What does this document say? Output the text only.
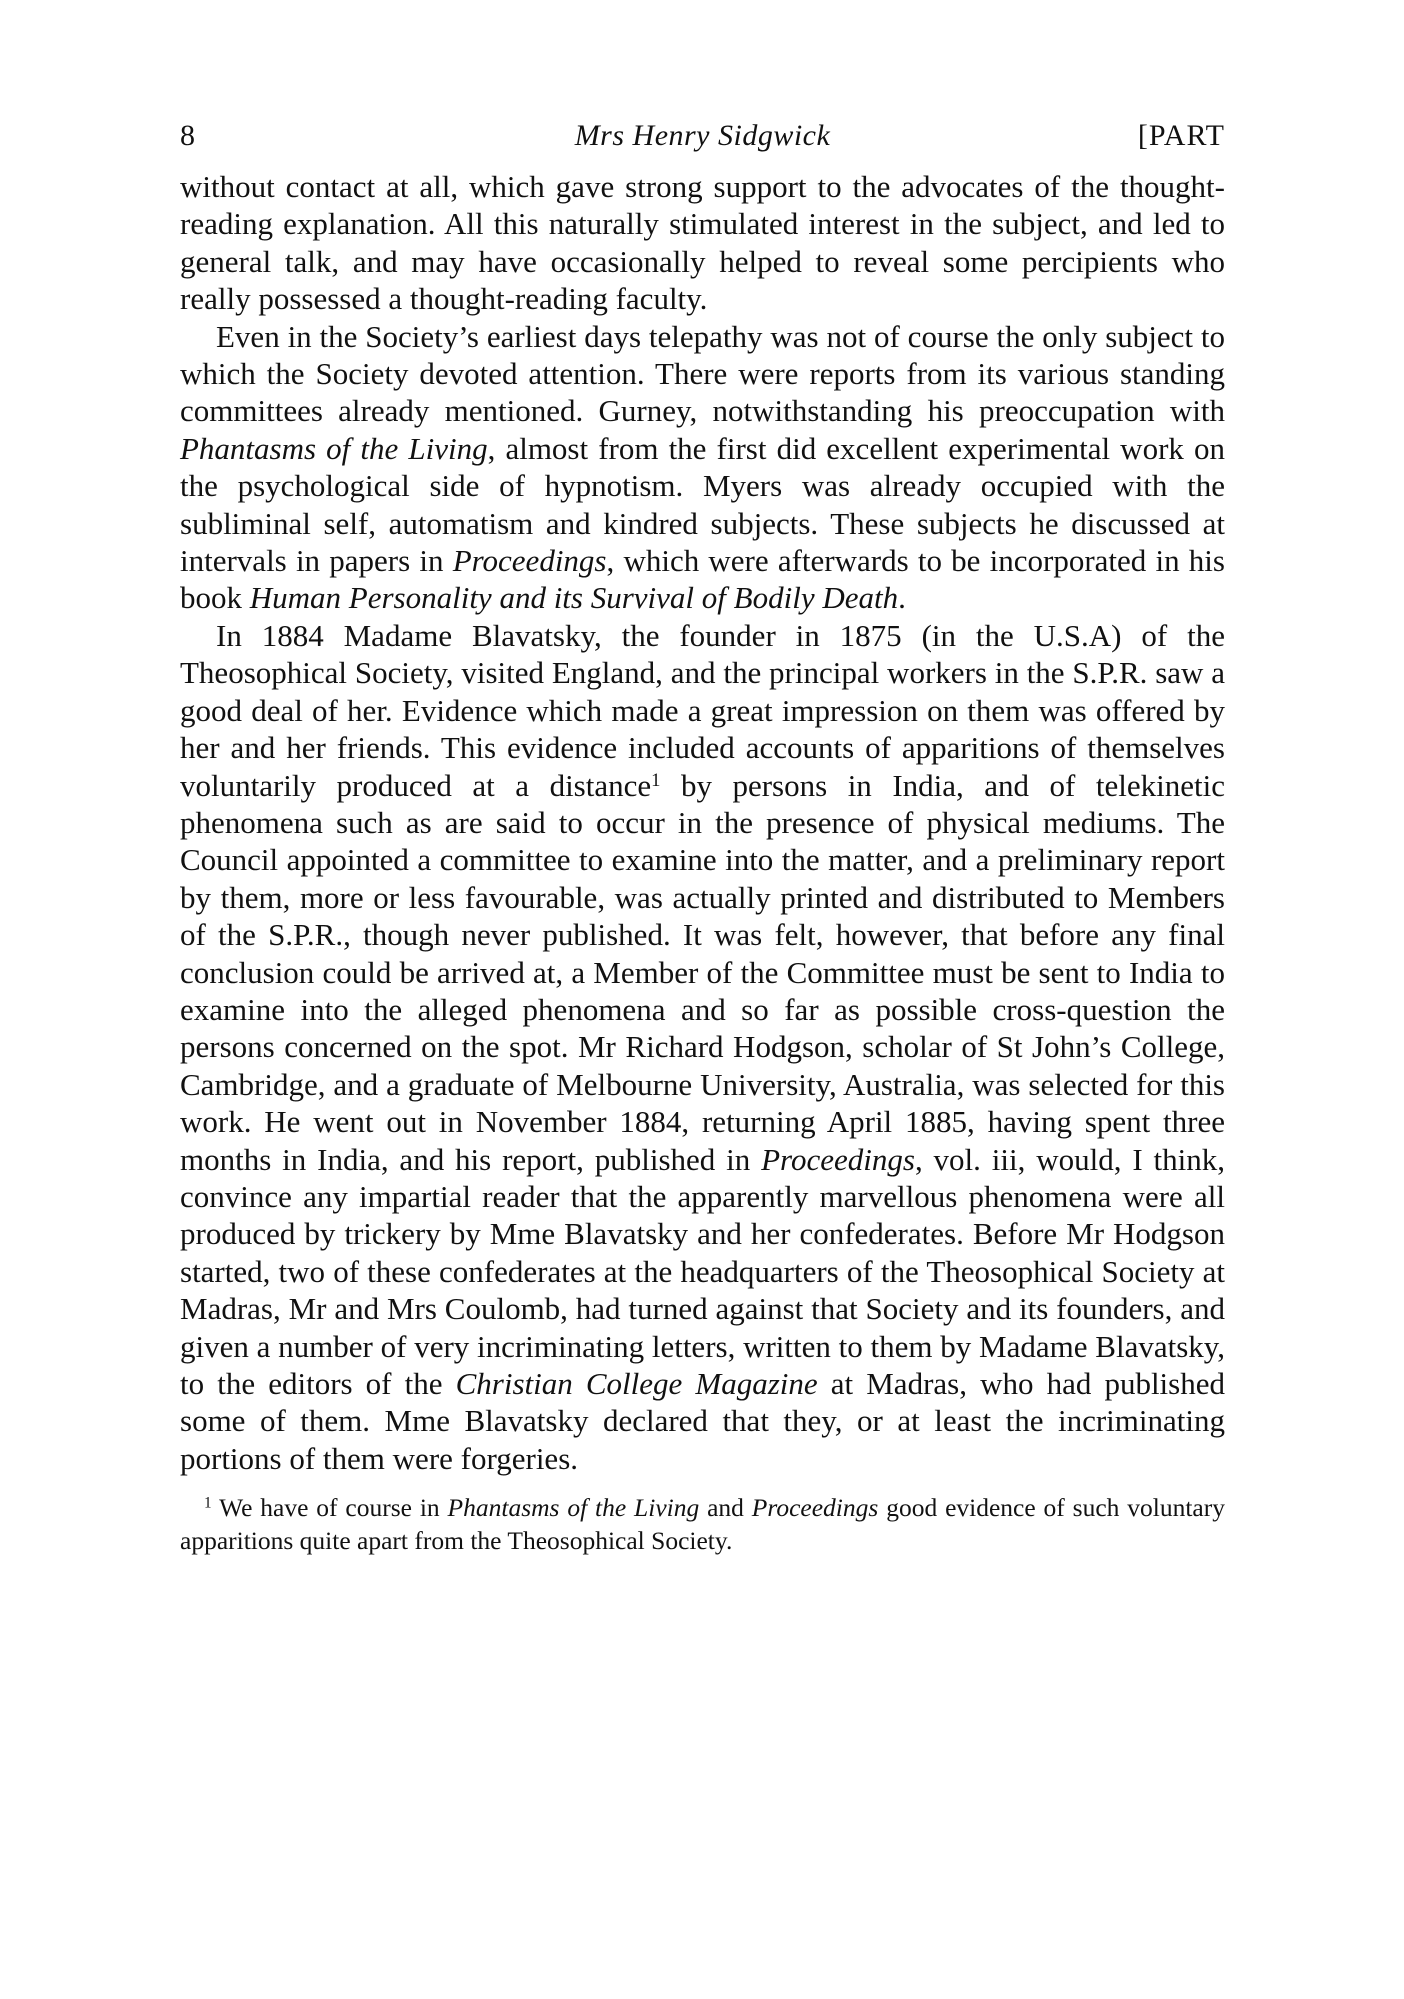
8	Mrs Henry Sidgwick	[PART

without contact at all, which gave strong support to the advocates of the thought-reading explanation. All this naturally stimulated interest in the subject, and led to general talk, and may have occasionally helped to reveal some percipients who really possessed a thought-reading faculty.

Even in the Society’s earliest days telepathy was not of course the only subject to which the Society devoted attention. There were reports from its various standing committees already mentioned. Gurney, notwithstanding his preoccupation with Phantasms of the Living, almost from the first did excellent experimental work on the psychological side of hypnotism. Myers was already occupied with the subliminal self, automatism and kindred subjects. These subjects he discussed at intervals in papers in Proceedings, which were afterwards to be incorporated in his book Human Personality and its Survival of Bodily Death.

In 1884 Madame Blavatsky, the founder in 1875 (in the U.S.A) of the Theosophical Society, visited England, and the principal workers in the S.P.R. saw a good deal of her. Evidence which made a great impression on them was offered by her and her friends. This evidence included accounts of apparitions of themselves voluntarily produced at a distance$^1$ by persons in India, and of telekinetic phenomena such as are said to occur in the presence of physical mediums. The Council appointed a committee to examine into the matter, and a preliminary report by them, more or less favourable, was actually printed and distributed to Members of the S.P.R., though never published. It was felt, however, that before any final conclusion could be arrived at, a Member of the Committee must be sent to India to examine into the alleged phenomena and so far as possible cross-question the persons concerned on the spot. Mr Richard Hodgson, scholar of St John’s College, Cambridge, and a graduate of Melbourne University, Australia, was selected for this work. He went out in November 1884, returning April 1885, having spent three months in India, and his report, published in Proceedings, vol. iii, would, I think, convince any impartial reader that the apparently marvellous phenomena were all produced by trickery by Mme Blavatsky and her confederates. Before Mr Hodgson started, two of these confederates at the headquarters of the Theosophical Society at Madras, Mr and Mrs Coulomb, had turned against that Society and its founders, and given a number of very incriminating letters, written to them by Madame Blavatsky, to the editors of the Christian College Magazine at Madras, who had published some of them. Mme Blavatsky declared that they, or at least the incriminating portions of them were forgeries.

$^1$ We have of course in Phantasms of the Living and Proceedings good evidence of such voluntary apparitions quite apart from the Theosophical Society.
